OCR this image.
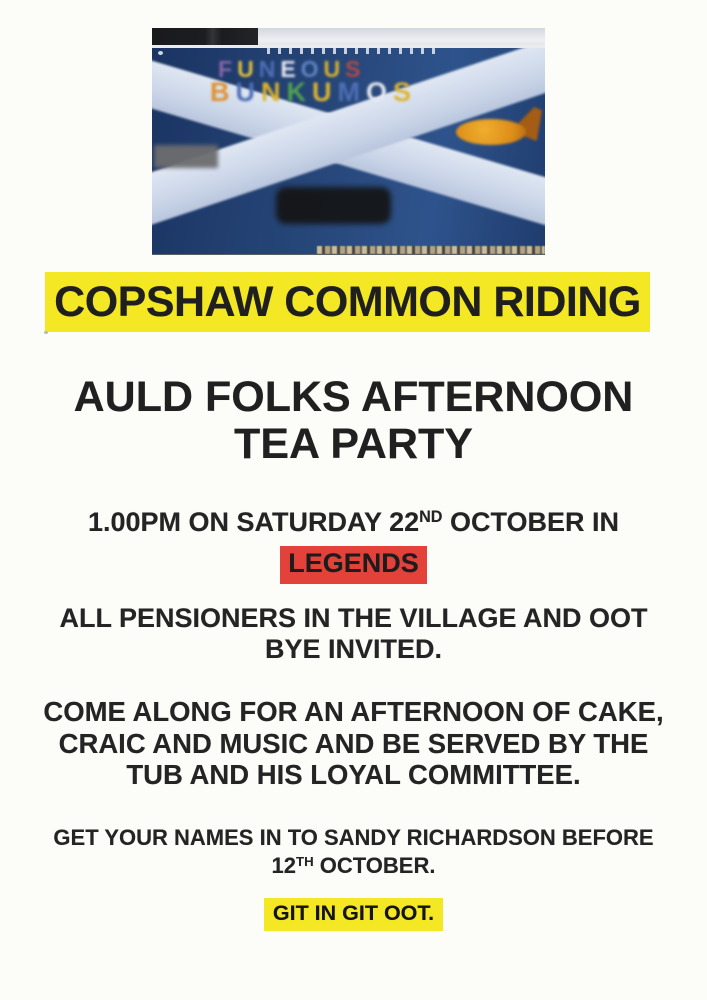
FUNEOUS
BUNKUMOS
COPSHAW COMMON RIDING
AULD FOLKS AFTERNOON
TEA PARTY
1.00PM ON SATURDAY 22ND OCTOBER IN
LEGENDS
ALL PENSIONERS IN THE VILLAGE AND OOT
BYE INVITED.
COME ALONG FOR AN AFTERNOON OF CAKE,
CRAIC AND MUSIC AND BE SERVED BY THE
TUB AND HIS LOYAL COMMITTEE.
GET YOUR NAMES IN TO SANDY RICHARDSON BEFORE
12TH OCTOBER.
GIT IN GIT OOT.
